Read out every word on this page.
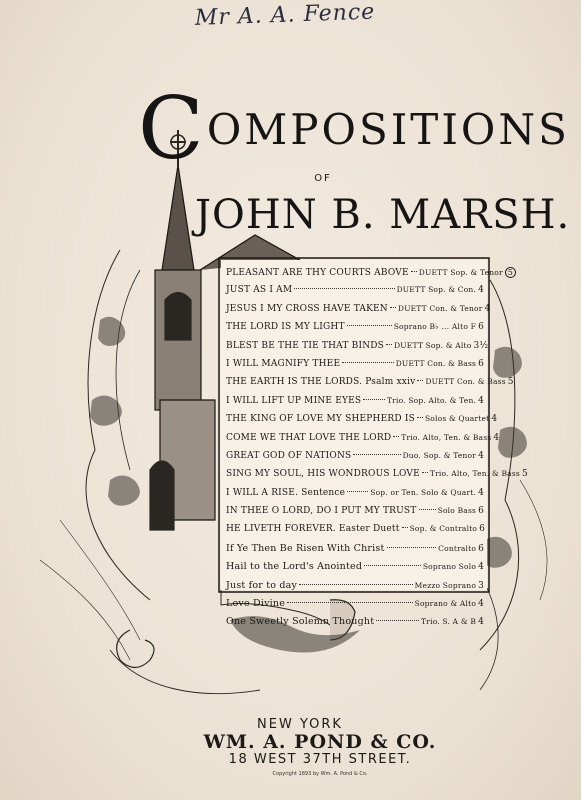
Mr A. A. Fence
COMPOSITIONS
OF
JOHN B. MARSH.
PLEASANT ARE THY COURTS ABOVE DUETT Sop. & Tenor 5
JUST AS I AM	DUETT Sop. & Con. 4
JESUS I MY CROSS HAVE TAKEN DUETT Con. & Tenor 4
THE LORD IS MY LIGHT	Soprano B♭ ... Alto F 6
BLEST BE THE TIE THAT BINDS DUETT Sop. & Alto 3½
I WILL MAGNIFY THEE	DUETT Con. & Bass 6
THE EARTH IS THE LORDS. Psalm xxiv DUETT Con. & Bass 5
I WILL LIFT UP MINE EYES	Trio. Sop. Alto. & Ten. 4
THE KING OF LOVE MY SHEPHERD IS Solos & Quartet 4
COME WE THAT LOVE THE LORD Trio. Alto, Ten. & Bass 4
GREAT GOD OF NATIONS	Duo. Sop. & Tenor 4
SING MY SOUL, HIS WONDROUS LOVE Trio. Alto, Ten. & Bass 5
I WILL A RISE. Sentence	Sop. or Ten. Solo & Quart. 4
IN THEE O LORD, DO I PUT MY TRUST	Solo Bass 6
HE LIVETH FOREVER. Easter Duett Sop. & Contralto 6
If Ye Then Be Risen With Christ	Contralto 6
Hail to the Lord's Anointed	Soprano Solo 4
Just for to day	Mezzo Soprano 3
Love Divine	Soprano & Alto 4
One Sweetly Solemn Thought	Trio. S. A & B 4
NEW YORK
WM. A. POND & CO.
18 WEST 37TH STREET.
Copyright 1893 by Wm. A. Pond & Co.
